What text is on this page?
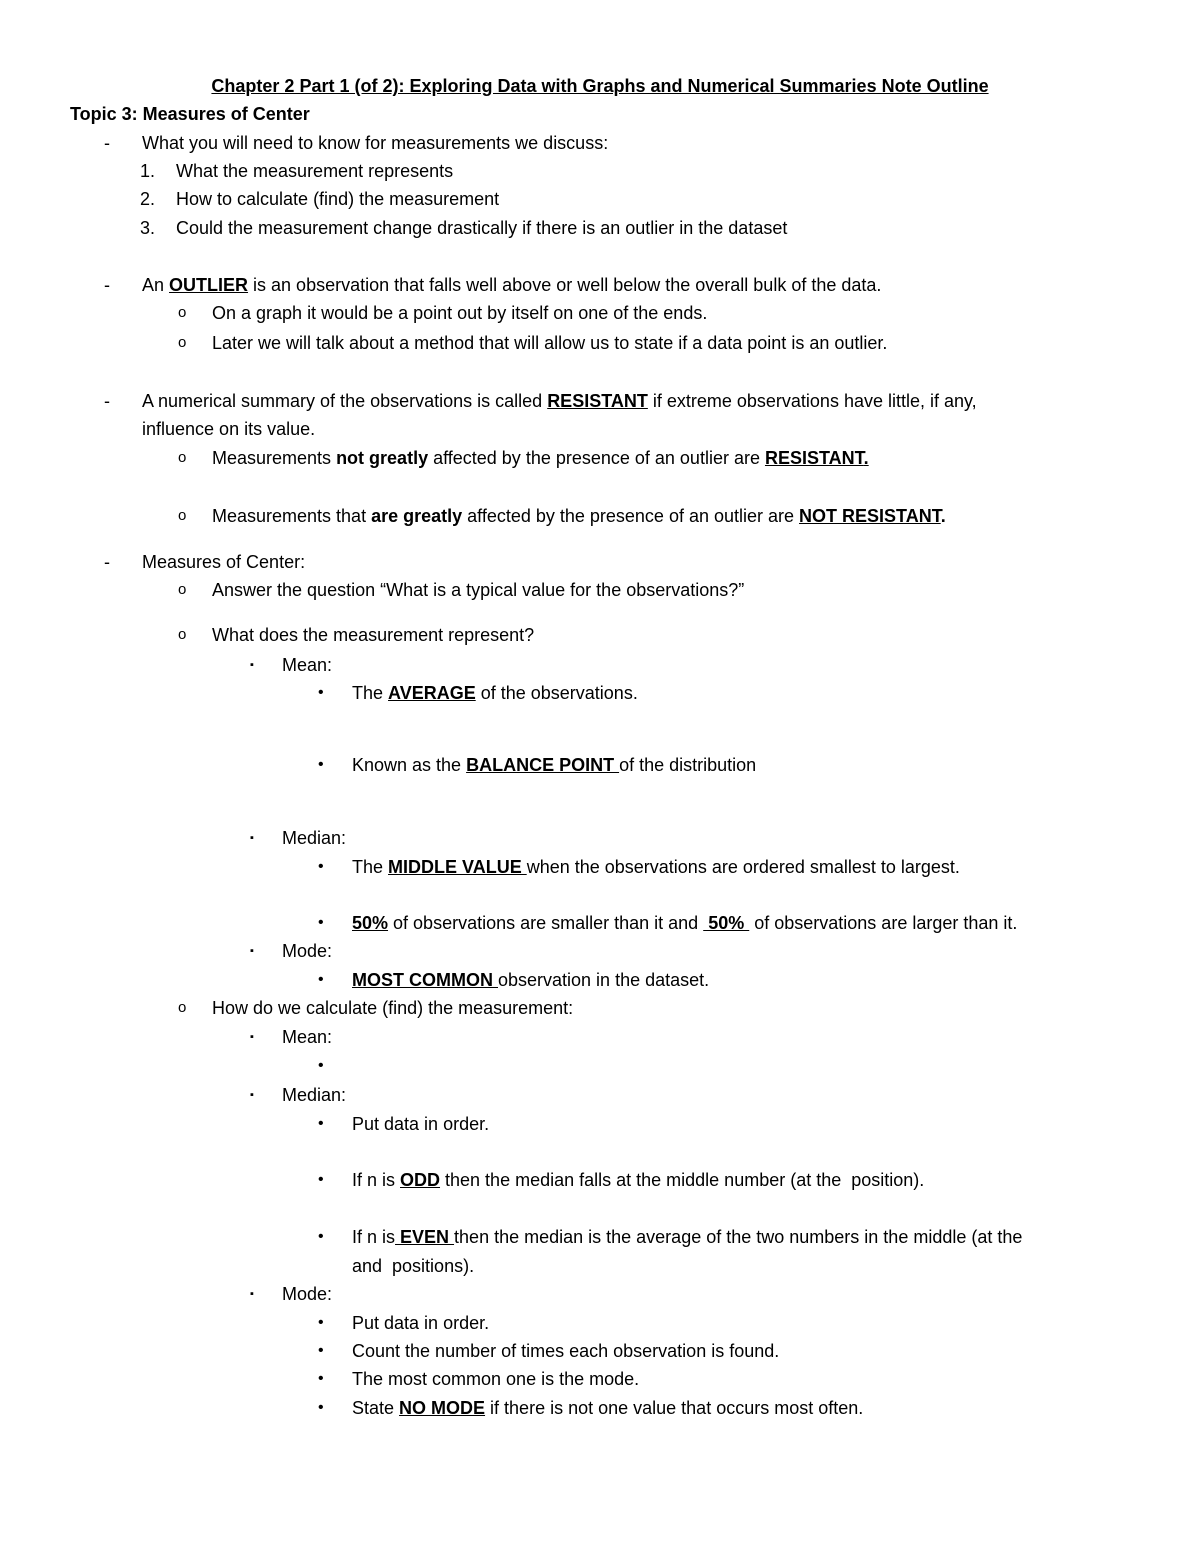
Chapter 2 Part 1 (of 2): Exploring Data with Graphs and Numerical Summaries Note Outline
Topic 3: Measures of Center
- What you will need to know for measurements we discuss:
1. What the measurement represents
2. How to calculate (find) the measurement
3. Could the measurement change drastically if there is an outlier in the dataset
- An OUTLIER is an observation that falls well above or well below the overall bulk of the data.
o On a graph it would be a point out by itself on one of the ends.
o Later we will talk about a method that will allow us to state if a data point is an outlier.
- A numerical summary of the observations is called RESISTANT if extreme observations have little, if any,
influence on its value.
o Measurements not greatly affected by the presence of an outlier are RESISTANT.
o Measurements that are greatly affected by the presence of an outlier are NOT RESISTANT.
- Measures of Center:
o Answer the question “What is a typical value for the observations?”
o What does the measurement represent?
▪ Mean:
• The AVERAGE of the observations.
• Known as the BALANCE POINT of the distribution
▪ Median:
• The MIDDLE VALUE when the observations are ordered smallest to largest.
• 50% of observations are smaller than it and  50%  of observations are larger than it.
▪ Mode:
• MOST COMMON observation in the dataset.
o How do we calculate (find) the measurement:
▪ Mean:
•
▪ Median:
• Put data in order.
• If n is ODD then the median falls at the middle number (at the  position).
• If n is EVEN then the median is the average of the two numbers in the middle (at the
and  positions).
▪ Mode:
• Put data in order.
• Count the number of times each observation is found.
• The most common one is the mode.
• State NO MODE if there is not one value that occurs most often.
